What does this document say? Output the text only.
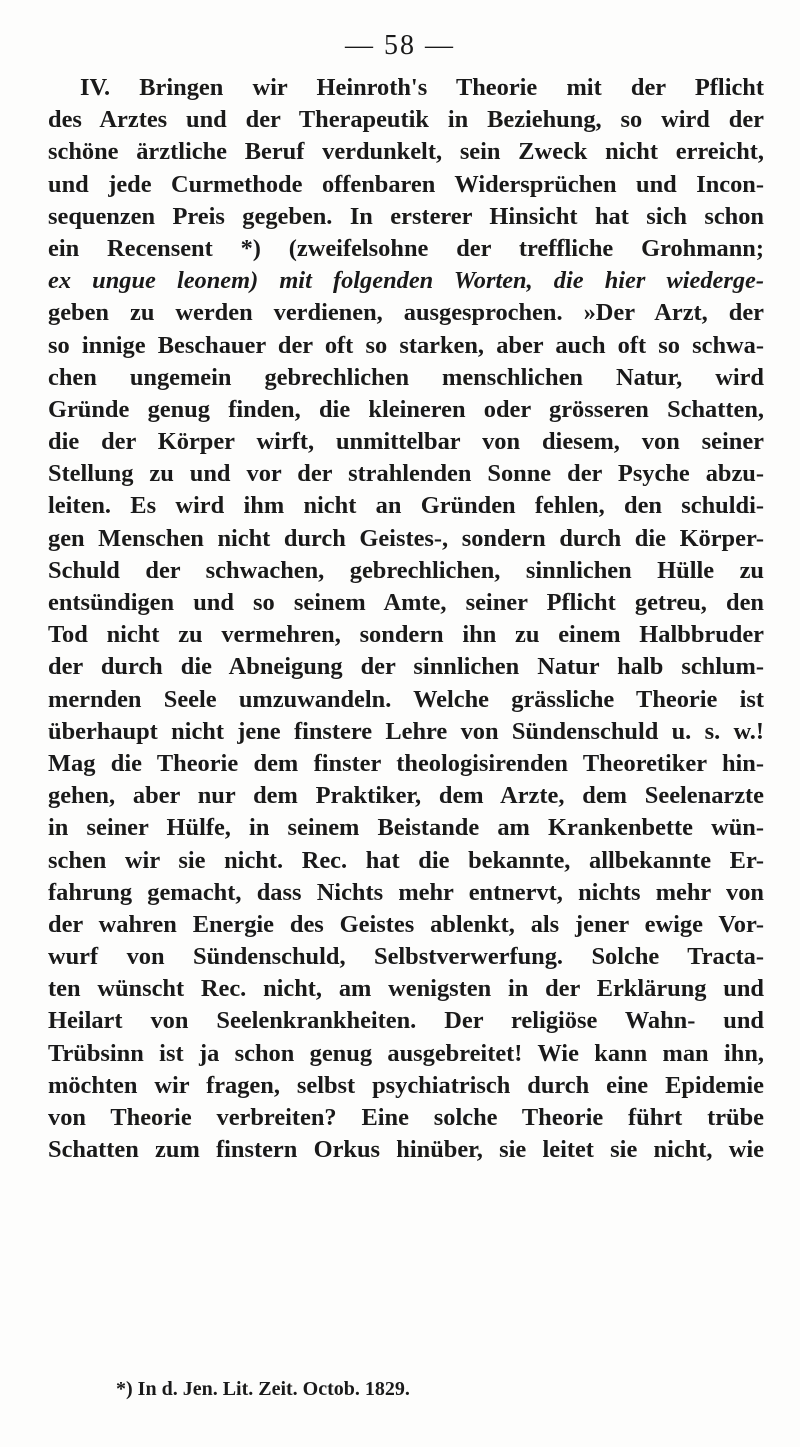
— 58 —
IV. Bringen wir Heinroth's Theorie mit der Pflicht
des Arztes und der Therapeutik in Beziehung, so wird der
schöne ärztliche Beruf verdunkelt, sein Zweck nicht erreicht,
und jede Curmethode offenbaren Widersprüchen und Incon-
sequenzen Preis gegeben. In ersterer Hinsicht hat sich schon
ein Recensent *) (zweifelsohne der treffliche Grohmann;
ex ungue leonem) mit folgenden Worten, die hier wiederge-
geben zu werden verdienen, ausgesprochen. »Der Arzt, der
so innige Beschauer der oft so starken, aber auch oft so schwa-
chen ungemein gebrechlichen menschlichen Natur, wird
Gründe genug finden, die kleineren oder grösseren Schatten,
die der Körper wirft, unmittelbar von diesem, von seiner
Stellung zu und vor der strahlenden Sonne der Psyche abzu-
leiten. Es wird ihm nicht an Gründen fehlen, den schuldi-
gen Menschen nicht durch Geistes-, sondern durch die Körper-
Schuld der schwachen, gebrechlichen, sinnlichen Hülle zu
entsündigen und so seinem Amte, seiner Pflicht getreu, den
Tod nicht zu vermehren, sondern ihn zu einem Halbbruder
der durch die Abneigung der sinnlichen Natur halb schlum-
mernden Seele umzuwandeln. Welche grässliche Theorie ist
überhaupt nicht jene finstere Lehre von Sündenschuld u. s. w.!
Mag die Theorie dem finster theologisirenden Theoretiker hin-
gehen, aber nur dem Praktiker, dem Arzte, dem Seelenarzte
in seiner Hülfe, in seinem Beistande am Krankenbette wün-
schen wir sie nicht. Rec. hat die bekannte, allbekannte Er-
fahrung gemacht, dass Nichts mehr entnervt, nichts mehr von
der wahren Energie des Geistes ablenkt, als jener ewige Vor-
wurf von Sündenschuld, Selbstverwerfung. Solche Tracta-
ten wünscht Rec. nicht, am wenigsten in der Erklärung und
Heilart von Seelenkrankheiten. Der religiöse Wahn- und
Trübsinn ist ja schon genug ausgebreitet! Wie kann man ihn,
möchten wir fragen, selbst psychiatrisch durch eine Epidemie
von Theorie verbreiten? Eine solche Theorie führt trübe
Schatten zum finstern Orkus hinüber, sie leitet sie nicht, wie
*) In d. Jen. Lit. Zeit. Octob. 1829.
